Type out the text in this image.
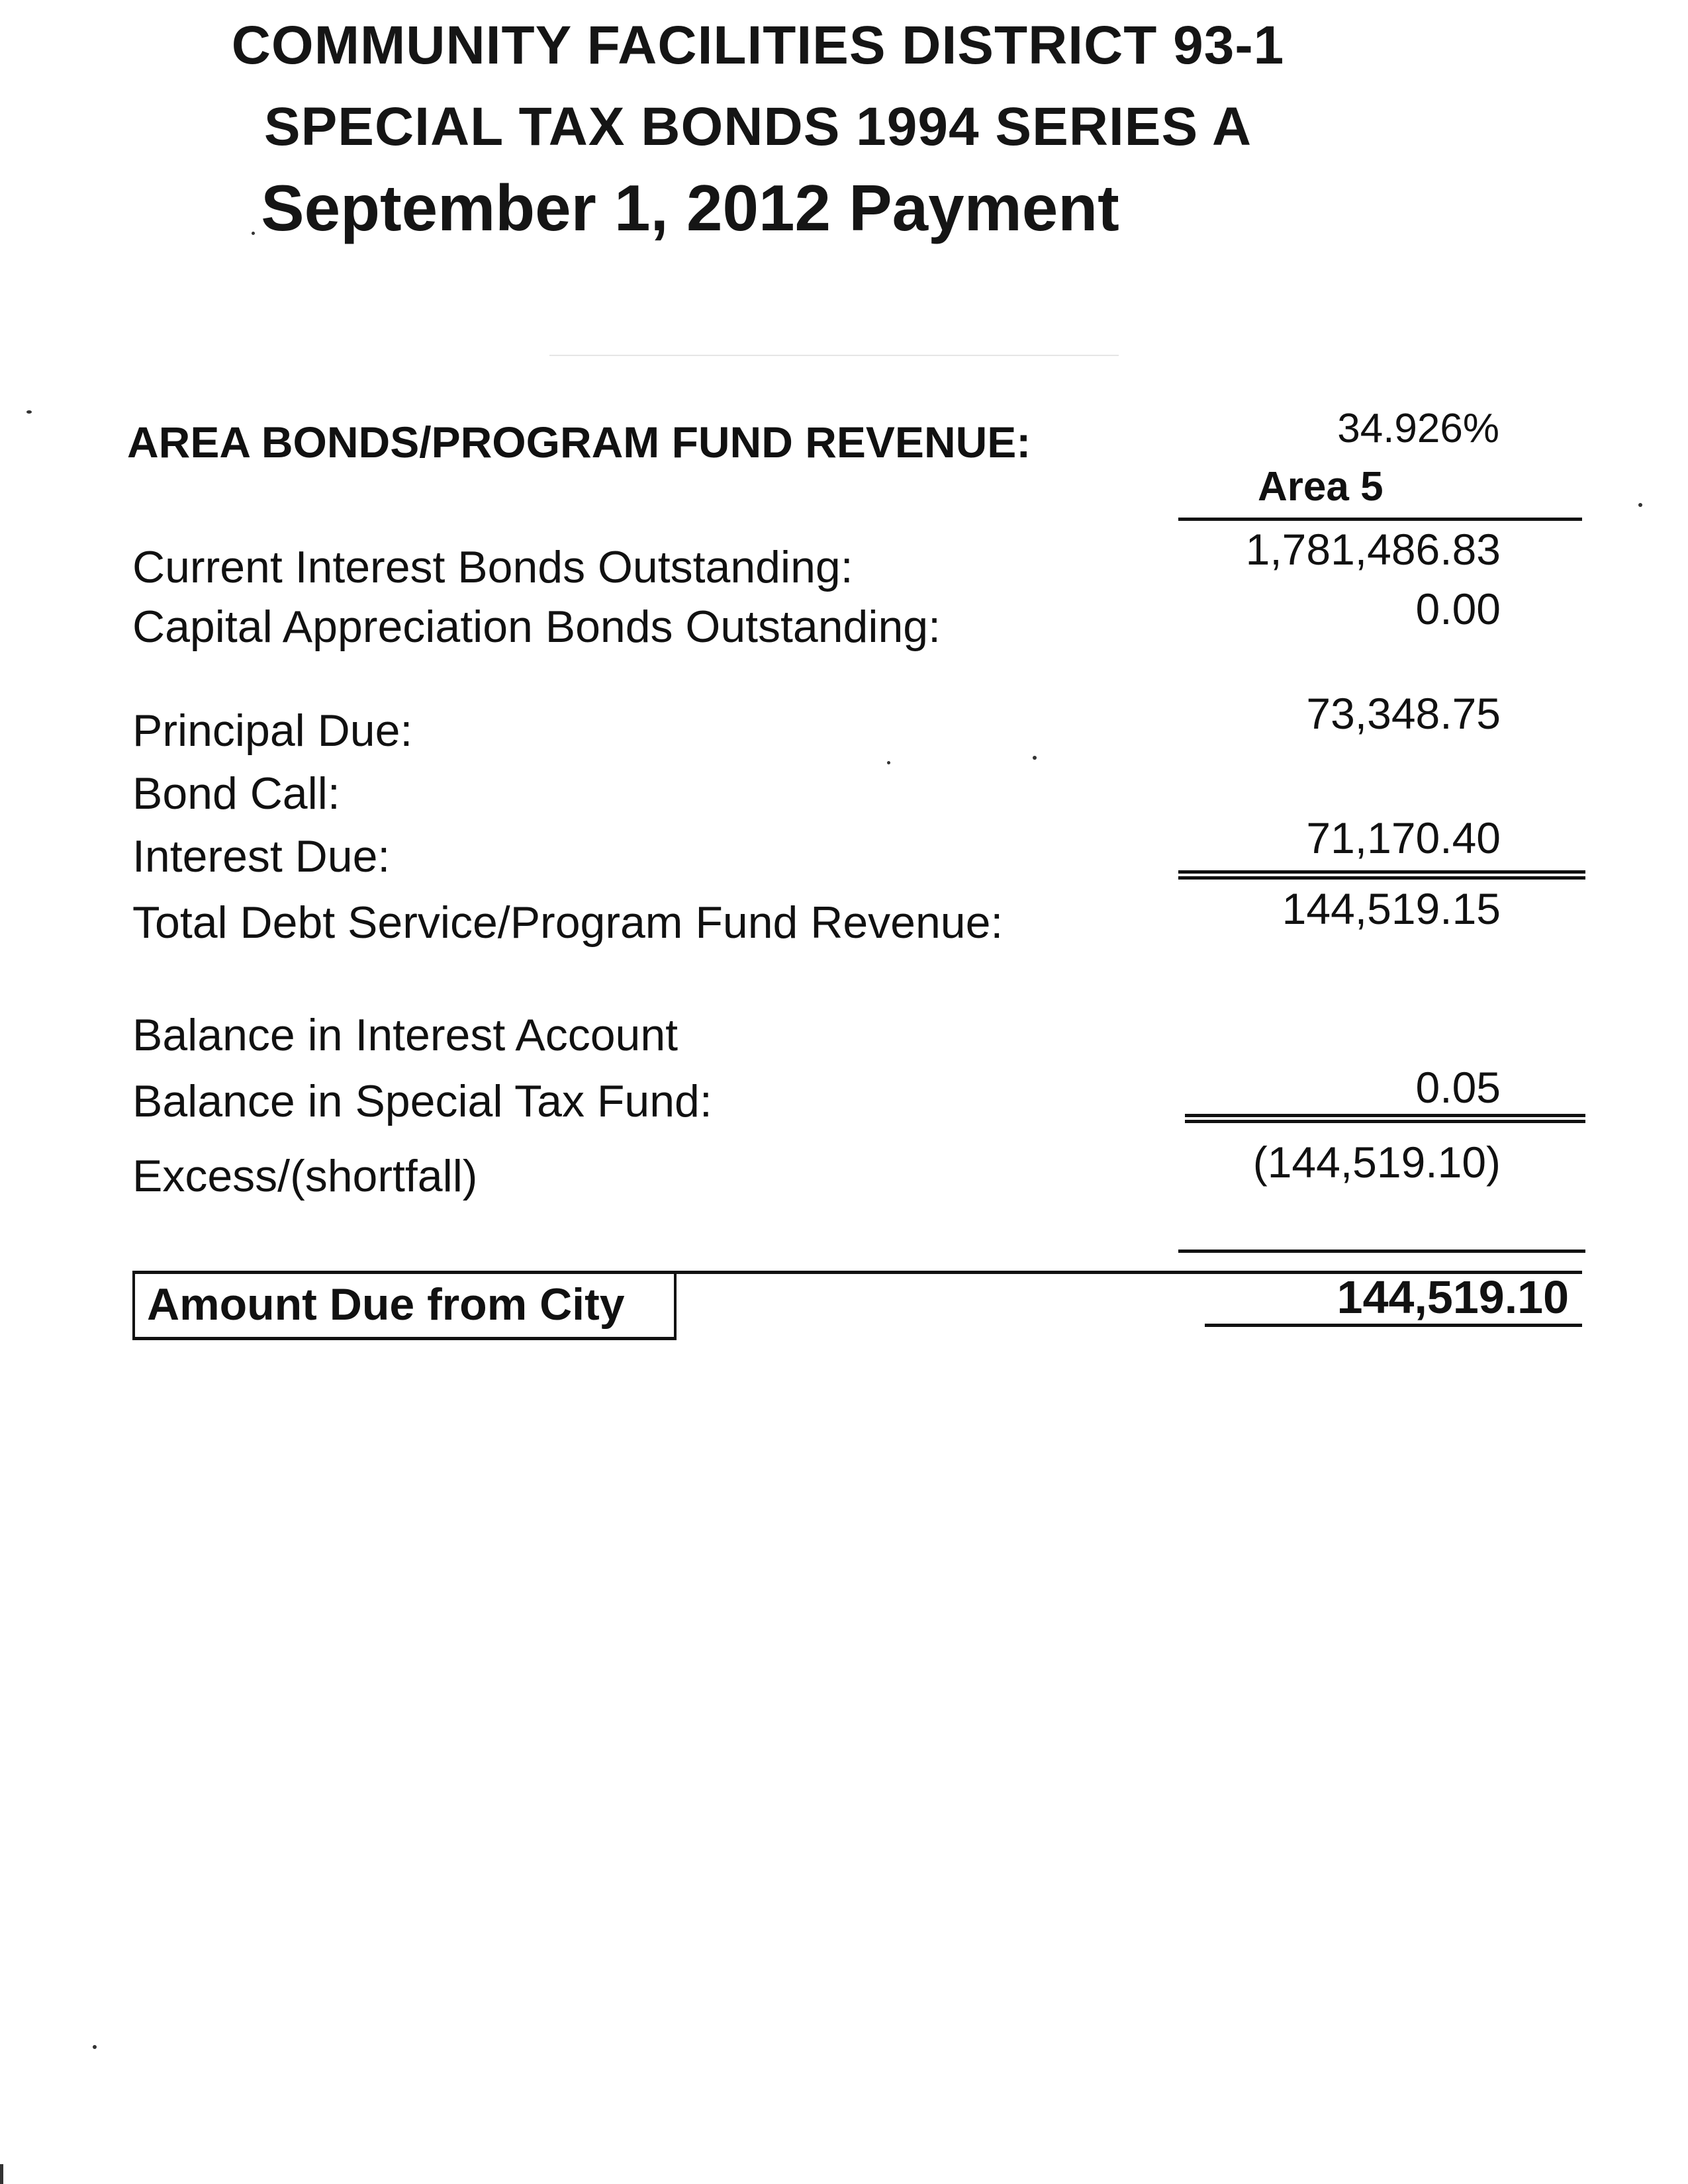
COMMUNITY FACILITIES DISTRICT 93-1
SPECIAL TAX BONDS 1994 SERIES A
September 1, 2012 Payment
AREA BONDS/PROGRAM FUND REVENUE:	34.926%
Area 5
Current Interest Bonds Outstanding:	1,781,486.83
Capital Appreciation Bonds Outstanding:	0.00
Principal Due:	73,348.75
Bond Call:
Interest Due:	71,170.40
Total Debt Service/Program Fund Revenue:	144,519.15
Balance in Interest Account
Balance in Special Tax Fund:	0.05
Excess/(shortfall)	(144,519.10)
Amount Due from City	144,519.10
